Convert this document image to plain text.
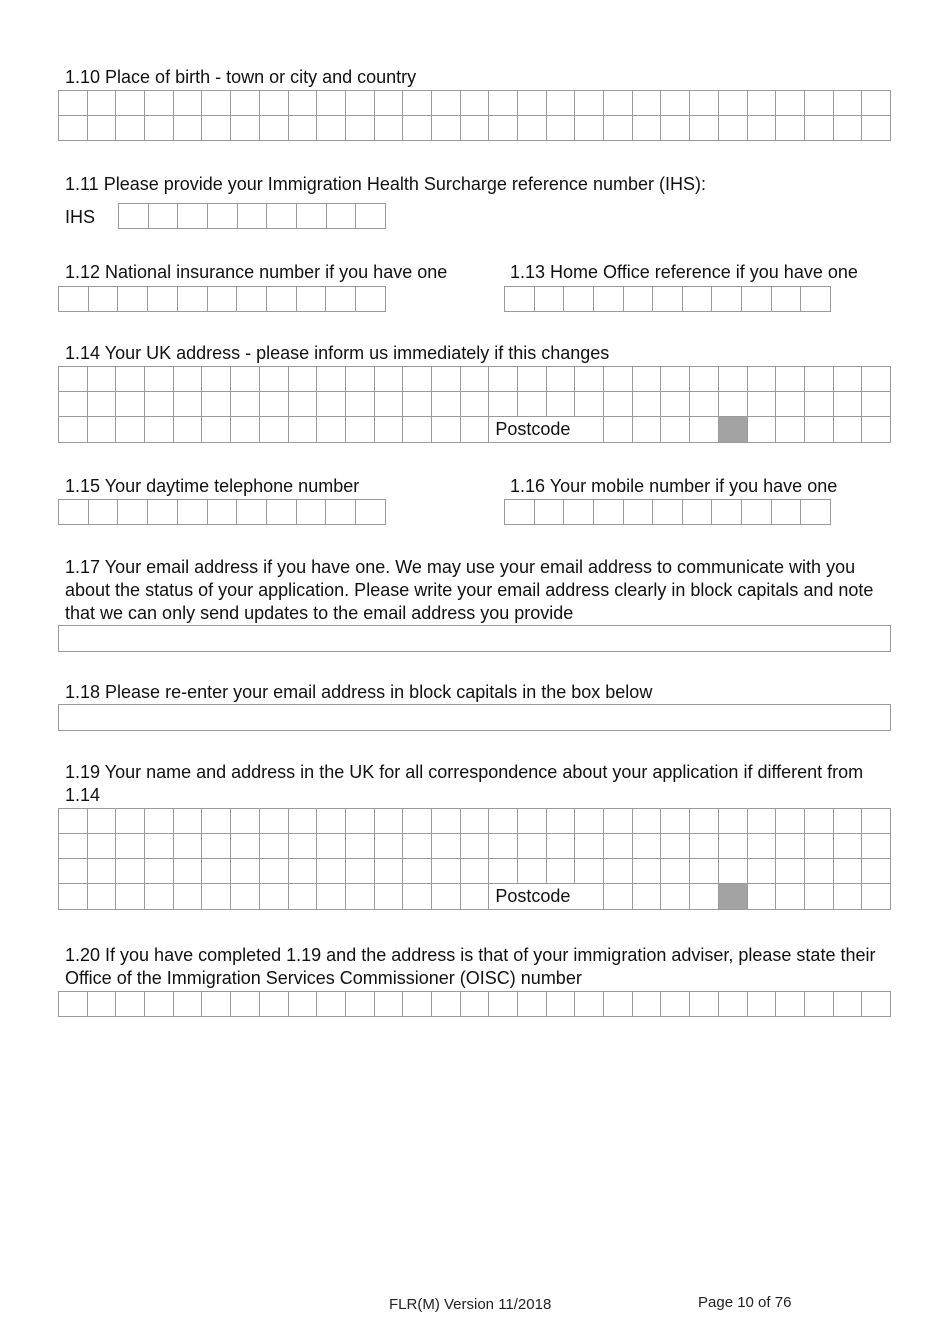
1.10 Place of birth - town or city and country

1.11 Please provide your Immigration Health Surcharge reference number (IHS):

IHS

1.12 National insurance number if you have one	1.13 Home Office reference if you have one

1.14 Your UK address - please inform us immediately if this changes

															Postcode													

1.15 Your daytime telephone number	1.16 Your mobile number if you have one

1.17 Your email address if you have one. We may use your email address to communicate with you about the status of your application. Please write your email address clearly in block capitals and note that we can only send updates to the email address you provide

1.18 Please re-enter your email address in block capitals in the box below

1.19 Your name and address in the UK for all correspondence about your application if different from 1.14

															Postcode													

1.20 If you have completed 1.19 and the address is that of your immigration adviser, please state their Office of the Immigration Services Commissioner (OISC) number

FLR(M) Version 11/2018	Page 10 of 76
